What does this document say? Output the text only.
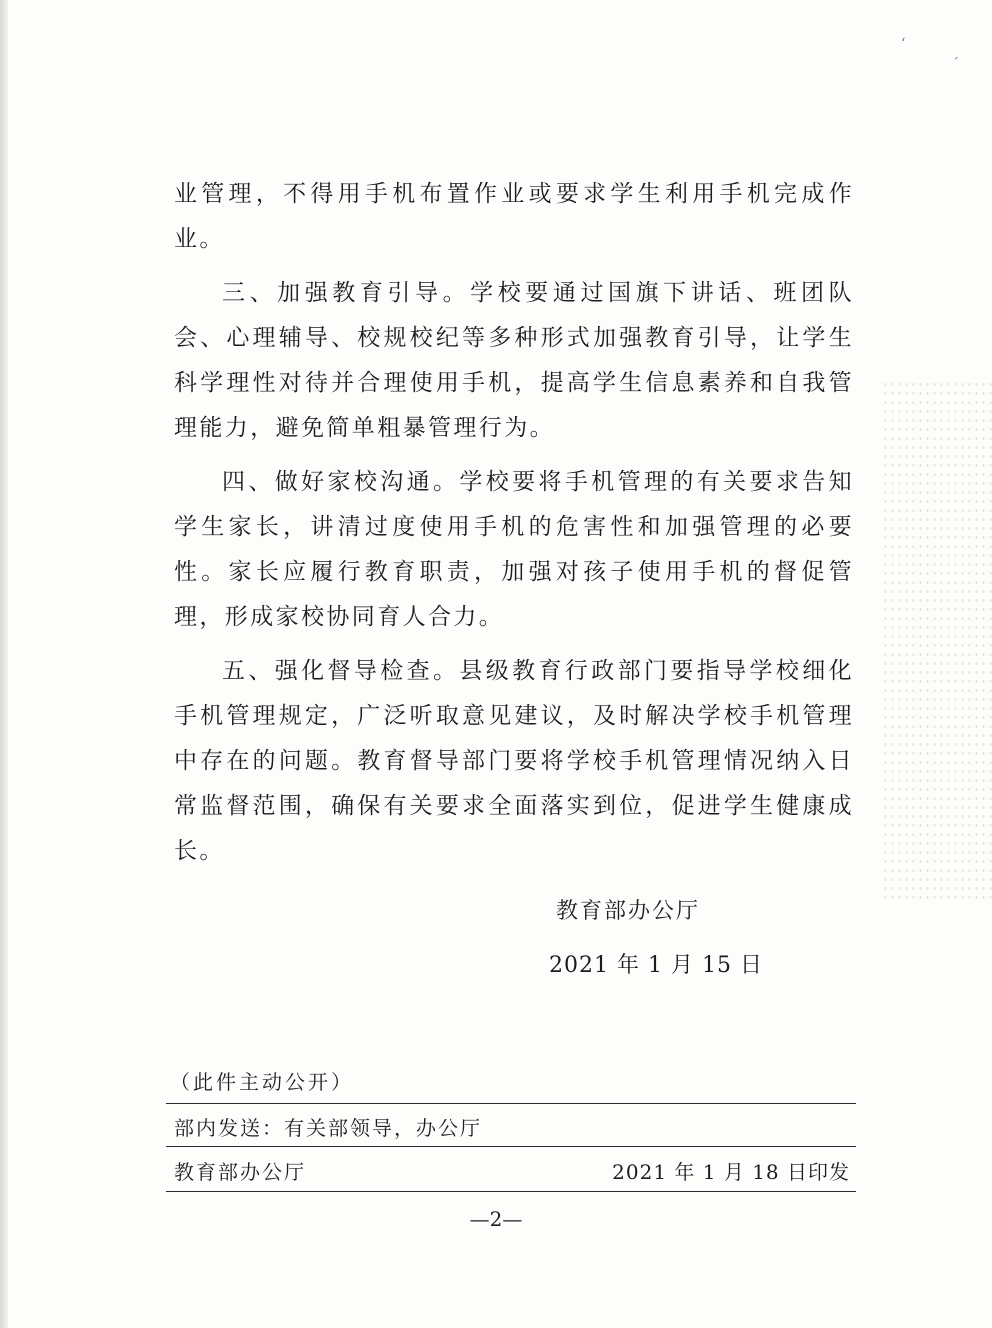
ʻ
ˊ

业管理，不得用手机布置作业或要求学生利用手机完成作业。

三、加强教育引导。学校要通过国旗下讲话、班团队会、心理辅导、校规校纪等多种形式加强教育引导，让学生科学理性对待并合理使用手机，提高学生信息素养和自我管理能力，避免简单粗暴管理行为。

四、做好家校沟通。学校要将手机管理的有关要求告知学生家长，讲清过度使用手机的危害性和加强管理的必要性。家长应履行教育职责，加强对孩子使用手机的督促管理，形成家校协同育人合力。

五、强化督导检查。县级教育行政部门要指导学校细化手机管理规定，广泛听取意见建议，及时解决学校手机管理中存在的问题。教育督导部门要将学校手机管理情况纳入日常监督范围，确保有关要求全面落实到位，促进学生健康成长。

教育部办公厅
2021 年 1 月 15 日
（此件主动公开）
部内发送：有关部领导，办公厅
教育部办公厅	2021 年 1 月 18 日印发
—2—
